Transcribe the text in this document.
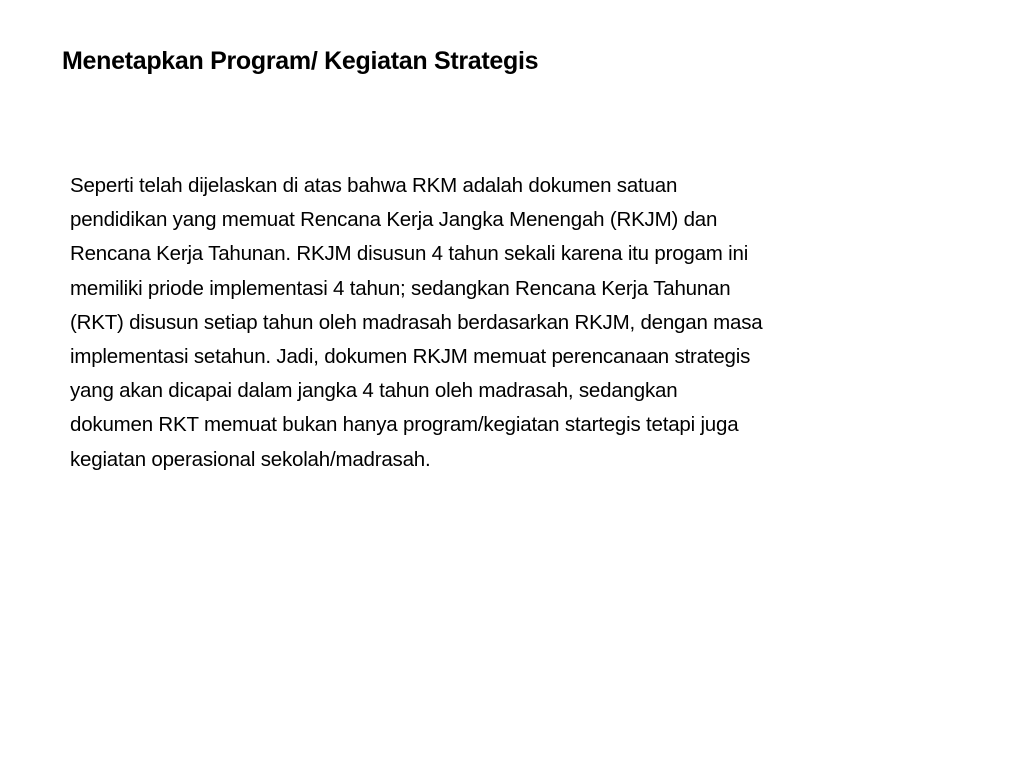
Menetapkan Program/ Kegiatan Strategis
Seperti telah dijelaskan di atas bahwa RKM adalah dokumen satuan
pendidikan yang memuat Rencana Kerja Jangka Menengah (RKJM) dan
Rencana Kerja Tahunan. RKJM disusun 4 tahun sekali karena itu progam ini
memiliki priode implementasi 4 tahun; sedangkan Rencana Kerja Tahunan
(RKT) disusun setiap tahun oleh madrasah berdasarkan RKJM, dengan masa
implementasi setahun. Jadi, dokumen RKJM memuat perencanaan strategis
yang akan dicapai dalam jangka 4 tahun oleh madrasah, sedangkan
dokumen RKT memuat bukan hanya program/kegiatan startegis tetapi juga
kegiatan operasional sekolah/madrasah.
